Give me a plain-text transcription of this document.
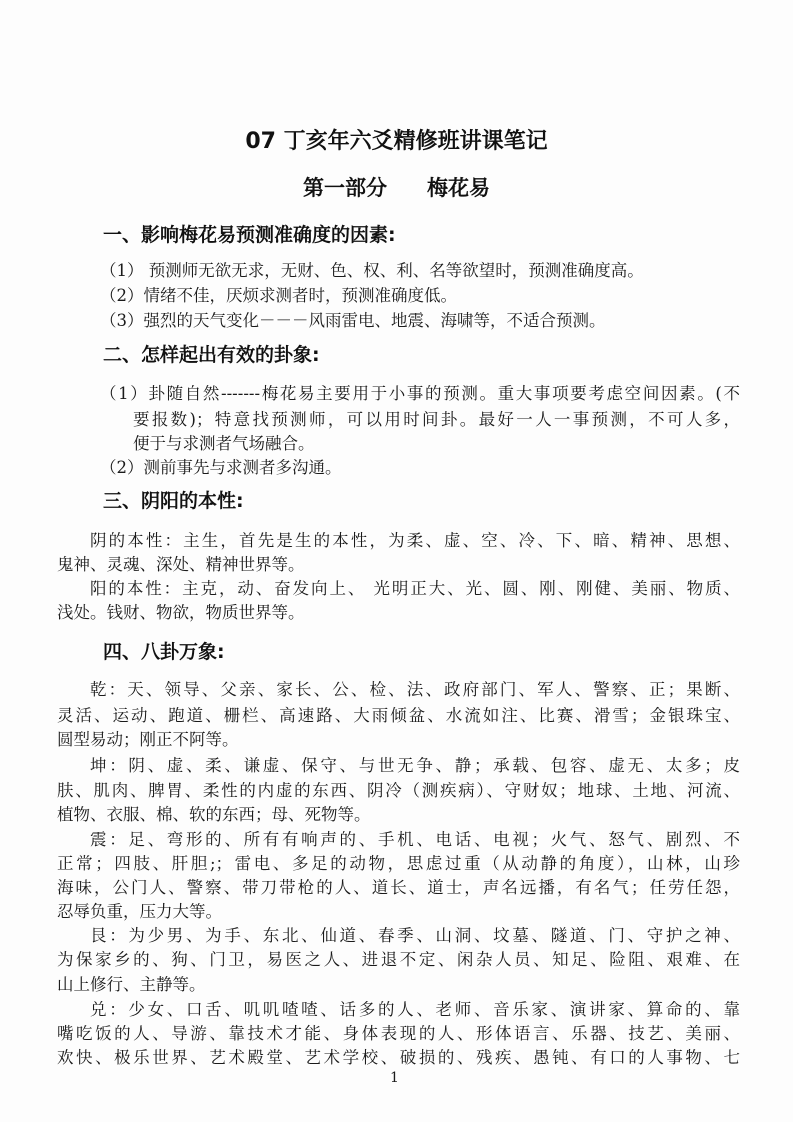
07 丁亥年六爻精修班讲课笔记
第一部分 梅花易
一、影响梅花易预测准确度的因素:
（1） 预测师无欲无求，无财、色、权、利、名等欲望时，预测准确度高。
（2）情绪不佳，厌烦求测者时，预测准确度低。
（3）强烈的天气变化－－－风雨雷电、地震、海啸等，不适合预测。
二、怎样起出有效的卦象:
（1）卦随自然-------梅花易主要用于小事的预测。重大事项要考虑空间因素。(不
要报数)；特意找预测师，可以用时间卦。最好一人一事预测，不可人多，
便于与求测者气场融合。
（2）测前事先与求测者多沟通。
三、阴阳的本性:
阴的本性：主生，首先是生的本性，为柔、虚、空、冷、下、暗、精神、思想、
鬼神、灵魂、深处、精神世界等。
阳的本性：主克，动、奋发向上、 光明正大、光、圆、刚、刚健、美丽、物质、
浅处。钱财、物欲，物质世界等。
四、八卦万象:
乾：天、领导、父亲、家长、公、检、法、政府部门、军人、警察、正；果断、
灵活、运动、跑道、栅栏、高速路、大雨倾盆、水流如注、比赛、滑雪；金银珠宝、
圆型易动；刚正不阿等。
坤：阴、虚、柔、谦虚、保守、与世无争、静；承载、包容、虚无、太多；皮
肤、肌肉、脾胃、柔性的内虚的东西、阴冷（测疾病）、守财奴；地球、土地、河流、
植物、衣服、棉、软的东西；母、死物等。
震：足、弯形的、所有有响声的、手机、电话、电视；火气、怒气、剧烈、不
正常；四肢、肝胆;；雷电、多足的动物，思虑过重（从动静的角度），山林，山珍
海味，公门人、警察、带刀带枪的人、道长、道士，声名远播，有名气；任劳任怨，
忍辱负重，压力大等。
艮：为少男、为手、东北、仙道、春季、山洞、坟墓、隧道、门、守护之神、
为保家乡的、狗、门卫，易医之人、进退不定、闲杂人员、知足、险阻、艰难、在
山上修行、主静等。
兑：少女、口舌、叽叽喳喳、话多的人、老师、音乐家、演讲家、算命的、靠
嘴吃饭的人、导游、靠技术才能、身体表现的人、形体语言、乐器、技艺、美丽、
欢快、极乐世界、艺术殿堂、艺术学校、破损的、残疾、愚钝、有口的人事物、七
1
